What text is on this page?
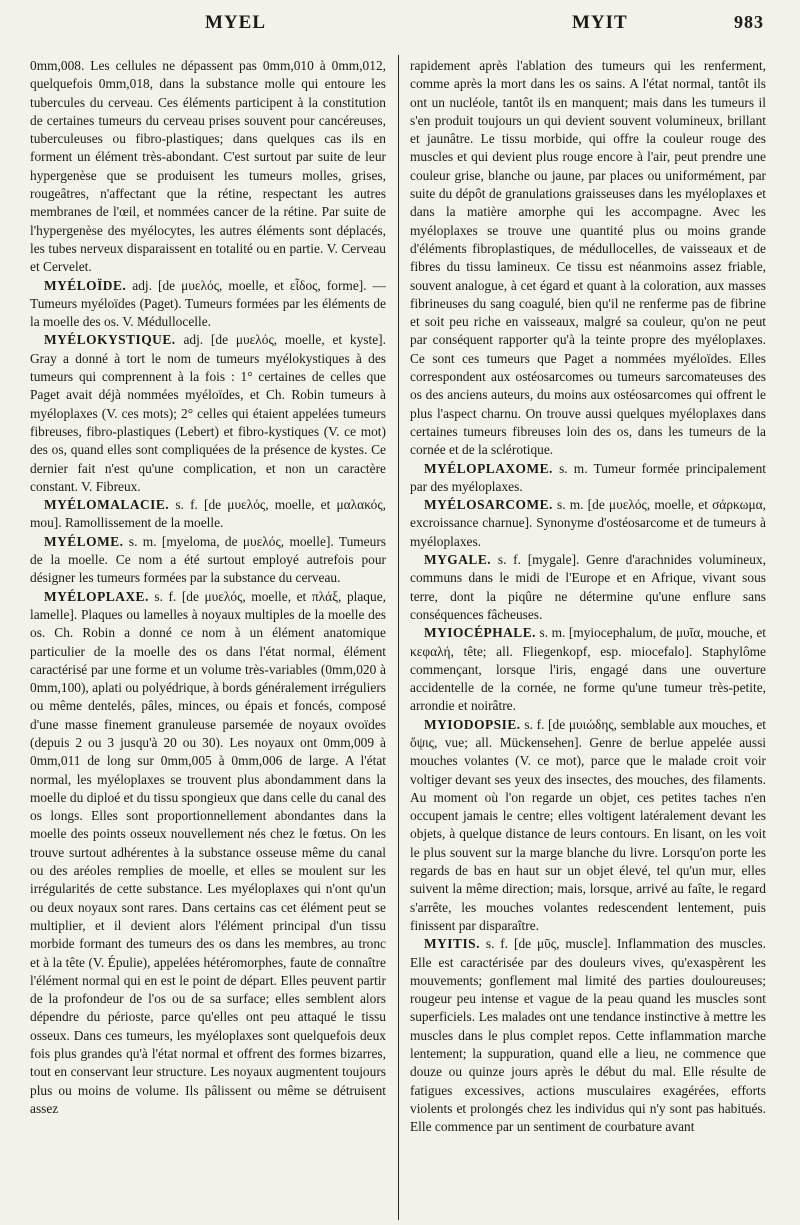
MYEL	MYIT	983

0mm,008. Les cellules ne dépassent pas 0mm,010 à 0mm,012, quelquefois 0mm,018, dans la substance molle qui entoure les tubercules du cerveau. Ces éléments participent à la constitution de certaines tumeurs du cerveau prises souvent pour cancéreuses, tuberculeuses ou fibro-plastiques; dans quelques cas ils en forment un élément très-abondant. C'est surtout par suite de leur hypergenèse que se produisent les tumeurs molles, grises, rougeâtres, n'affectant que la rétine, respectant les autres membranes de l'œil, et nommées cancer de la rétine. Par suite de l'hypergenèse des myélocytes, les autres éléments sont déplacés, les tubes nerveux disparaissent en totalité ou en partie. V. Cerveau et Cervelet.

MYÉLOÏDE. adj. [de μυελός, moelle, et εἶδος, forme]. — Tumeurs myéloïdes (Paget). Tumeurs formées par les éléments de la moelle des os. V. Médullocelle.

MYÉLOKYSTIQUE. adj. [de μυελός, moelle, et kyste]. Gray a donné à tort le nom de tumeurs myélokystiques à des tumeurs qui comprennent à la fois : 1° certaines de celles que Paget avait déjà nommées myéloïdes, et Ch. Robin tumeurs à myéloplaxes (V. ces mots); 2° celles qui étaient appelées tumeurs fibreuses, fibro-plastiques (Lebert) et fibro-kystiques (V. ce mot) des os, quand elles sont compliquées de la présence de kystes. Ce dernier fait n'est qu'une complication, et non un caractère constant. V. Fibreux.

MYÉLOMALACIE. s. f. [de μυελός, moelle, et μαλακός, mou]. Ramollissement de la moelle.

MYÉLOME. s. m. [myeloma, de μυελός, moelle]. Tumeurs de la moelle. Ce nom a été surtout employé autrefois pour désigner les tumeurs formées par la substance du cerveau.

MYÉLOPLAXE. s. f. [de μυελός, moelle, et πλάξ, plaque, lamelle]. Plaques ou lamelles à noyaux multiples de la moelle des os. Ch. Robin a donné ce nom à un élément anatomique particulier de la moelle des os dans l'état normal, élément caractérisé par une forme et un volume très-variables (0mm,020 à 0mm,100), aplati ou polyédrique, à bords généralement irréguliers ou même dentelés, pâles, minces, ou épais et foncés, composé d'une masse finement granuleuse parsemée de noyaux ovoïdes (depuis 2 ou 3 jusqu'à 20 ou 30). Les noyaux ont 0mm,009 à 0mm,011 de long sur 0mm,005 à 0mm,006 de large. A l'état normal, les myéloplaxes se trouvent plus abondamment dans la moelle du diploé et du tissu spongieux que dans celle du canal des os longs. Elles sont proportionnellement abondantes dans la moelle des points osseux nouvellement nés chez le fœtus. On les trouve surtout adhérentes à la substance osseuse même du canal ou des aréoles remplies de moelle, et elles se moulent sur les irrégularités de cette substance. Les myéloplaxes qui n'ont qu'un ou deux noyaux sont rares. Dans certains cas cet élément peut se multiplier, et il devient alors l'élément principal d'un tissu morbide formant des tumeurs des os dans les membres, au tronc et à la tête (V. Épulie), appelées hétéromorphes, faute de connaître l'élément normal qui en est le point de départ. Elles peuvent partir de la profondeur de l'os ou de sa surface; elles semblent alors dépendre du périoste, parce qu'elles ont peu attaqué le tissu osseux. Dans ces tumeurs, les myéloplaxes sont quelquefois deux fois plus grandes qu'à l'état normal et offrent des formes bizarres, tout en conservant leur structure. Les noyaux augmentent toujours plus ou moins de volume. Ils pâlissent ou même se détruisent assez

rapidement après l'ablation des tumeurs qui les renferment, comme après la mort dans les os sains. A l'état normal, tantôt ils ont un nucléole, tantôt ils en manquent; mais dans les tumeurs il s'en produit toujours un qui devient souvent volumineux, brillant et jaunâtre. Le tissu morbide, qui offre la couleur rouge des muscles et qui devient plus rouge encore à l'air, peut prendre une couleur grise, blanche ou jaune, par places ou uniformément, par suite du dépôt de granulations graisseuses dans les myéloplaxes et dans la matière amorphe qui les accompagne. Avec les myéloplaxes se trouve une quantité plus ou moins grande d'éléments fibroplastiques, de médullocelles, de vaisseaux et de fibres du tissu lamineux. Ce tissu est néanmoins assez friable, souvent analogue, à cet égard et quant à la coloration, aux masses fibrineuses du sang coagulé, bien qu'il ne renferme pas de fibrine et soit peu riche en vaisseaux, malgré sa couleur, qu'on ne peut par conséquent rapporter qu'à la teinte propre des myéloplaxes. Ce sont ces tumeurs que Paget a nommées myéloïdes. Elles correspondent aux ostéosarcomes ou tumeurs sarcomateuses des os des anciens auteurs, du moins aux ostéosarcomes qui offrent le plus l'aspect charnu. On trouve aussi quelques myéloplaxes dans certaines tumeurs fibreuses loin des os, dans les tumeurs de la cornée et de la sclérotique.

MYÉLOPLAXOME. s. m. Tumeur formée principalement par des myéloplaxes.

MYÉLOSARCOME. s. m. [de μυελός, moelle, et σάρκωμα, excroissance charnue]. Synonyme d'ostéosarcome et de tumeurs à myéloplaxes.

MYGALE. s. f. [mygale]. Genre d'arachnides volumineux, communs dans le midi de l'Europe et en Afrique, vivant sous terre, dont la piqûre ne détermine qu'une enflure sans conséquences fâcheuses.

MYIOCÉPHALE. s. m. [myiocephalum, de μυῖα, mouche, et κεφαλή, tête; all. Fliegenkopf, esp. miocefalo]. Staphylôme commençant, lorsque l'iris, engagé dans une ouverture accidentelle de la cornée, ne forme qu'une tumeur très-petite, arrondie et noirâtre.

MYIODOPSIE. s. f. [de μυιώδης, semblable aux mouches, et ὄψις, vue; all. Mückensehen]. Genre de berlue appelée aussi mouches volantes (V. ce mot), parce que le malade croit voir voltiger devant ses yeux des insectes, des mouches, des filaments. Au moment où l'on regarde un objet, ces petites taches n'en occupent jamais le centre; elles voltigent latéralement devant les objets, à quelque distance de leurs contours. En lisant, on les voit le plus souvent sur la marge blanche du livre. Lorsqu'on porte les regards de bas en haut sur un objet élevé, tel qu'un mur, elles suivent la même direction; mais, lorsque, arrivé au faîte, le regard s'arrête, les mouches volantes redescendent lentement, puis finissent par disparaître.

MYITIS. s. f. [de μῦς, muscle]. Inflammation des muscles. Elle est caractérisée par des douleurs vives, qu'exaspèrent les mouvements; gonflement mal limité des parties douloureuses; rougeur peu intense et vague de la peau quand les muscles sont superficiels. Les malades ont une tendance instinctive à mettre les muscles dans le plus complet repos. Cette inflammation marche lentement; la suppuration, quand elle a lieu, ne commence que douze ou quinze jours après le début du mal. Elle résulte de fatigues excessives, actions musculaires exagérées, efforts violents et prolongés chez les individus qui n'y sont pas habitués. Elle commence par un sentiment de courbature avant
